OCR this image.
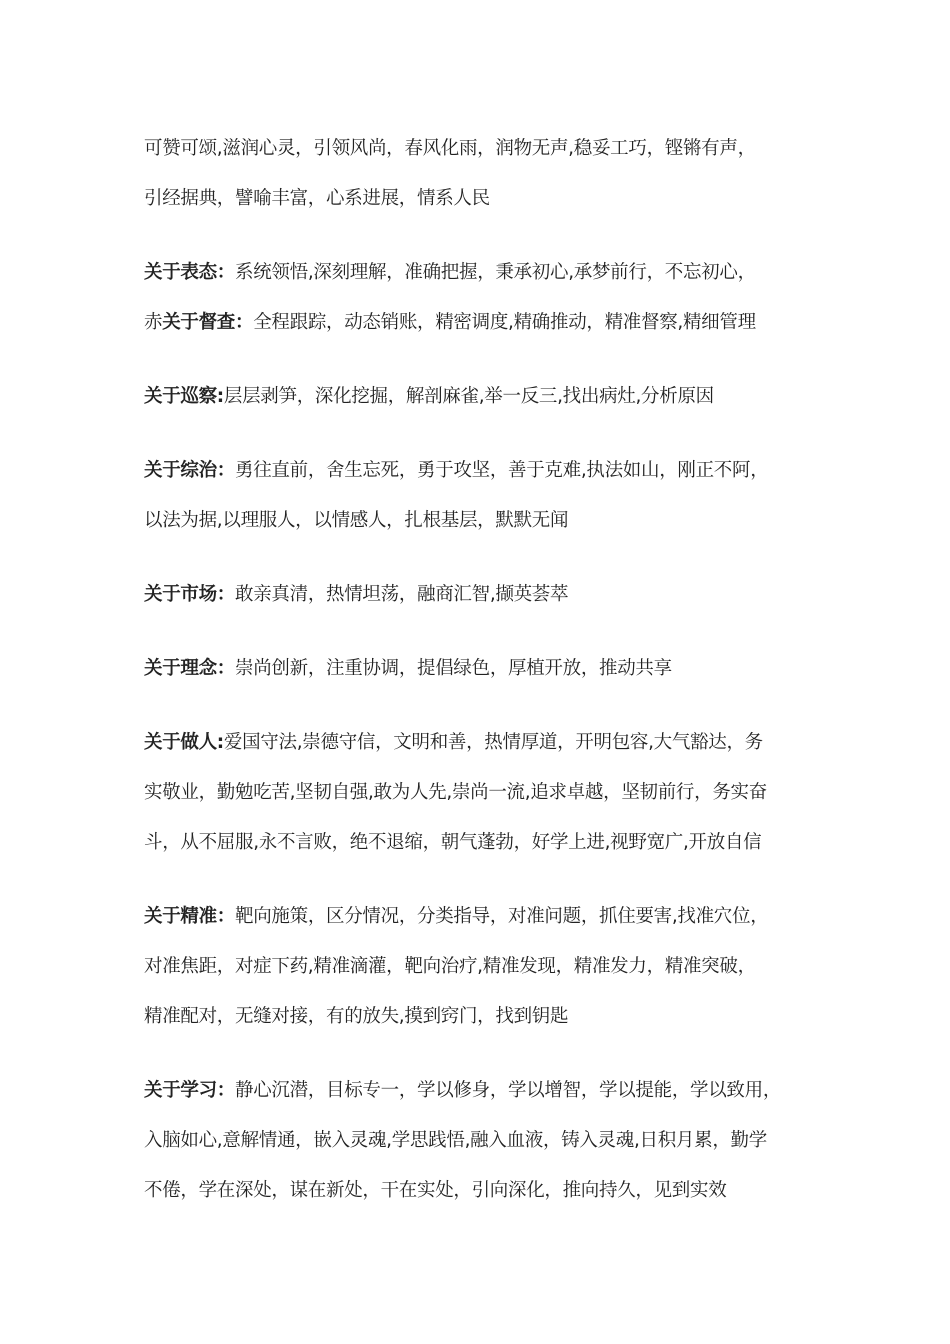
可赞可颂,滋润心灵，引领风尚，春风化雨，润物无声,稳妥工巧，铿锵有声，
引经据典，譬喻丰富，心系进展，情系人民
关于表态：系统领悟,深刻理解，准确把握，秉承初心,承梦前行，不忘初心，
赤关于督查：全程跟踪，动态销账，精密调度,精确推动，精准督察,精细管理
关于巡察:层层剥笋，深化挖掘，解剖麻雀,举一反三,找出病灶,分析原因
关于综治：勇往直前，舍生忘死，勇于攻坚，善于克难,执法如山，刚正不阿，
以法为据,以理服人，以情感人，扎根基层，默默无闻
关于市场：敢亲真清，热情坦荡，融商汇智,撷英荟萃
关于理念：崇尚创新，注重协调，提倡绿色，厚植开放，推动共享
关于做人:爱国守法,崇德守信，文明和善，热情厚道，开明包容,大气豁达，务
实敬业，勤勉吃苦,坚韧自强,敢为人先,崇尚一流,追求卓越，坚韧前行，务实奋
斗，从不屈服,永不言败，绝不退缩，朝气蓬勃，好学上进,视野宽广,开放自信
关于精准：靶向施策，区分情况，分类指导，对准问题，抓住要害,找准穴位，
对准焦距，对症下药,精准滴灌，靶向治疗,精准发现，精准发力，精准突破，
精准配对，无缝对接，有的放失,摸到窍门，找到钥匙
关于学习：静心沉潜，目标专一，学以修身，学以增智，学以提能，学以致用，
入脑如心,意解情通，嵌入灵魂,学思践悟,融入血液，铸入灵魂,日积月累，勤学
不倦，学在深处，谋在新处，干在实处，引向深化，推向持久，见到实效
